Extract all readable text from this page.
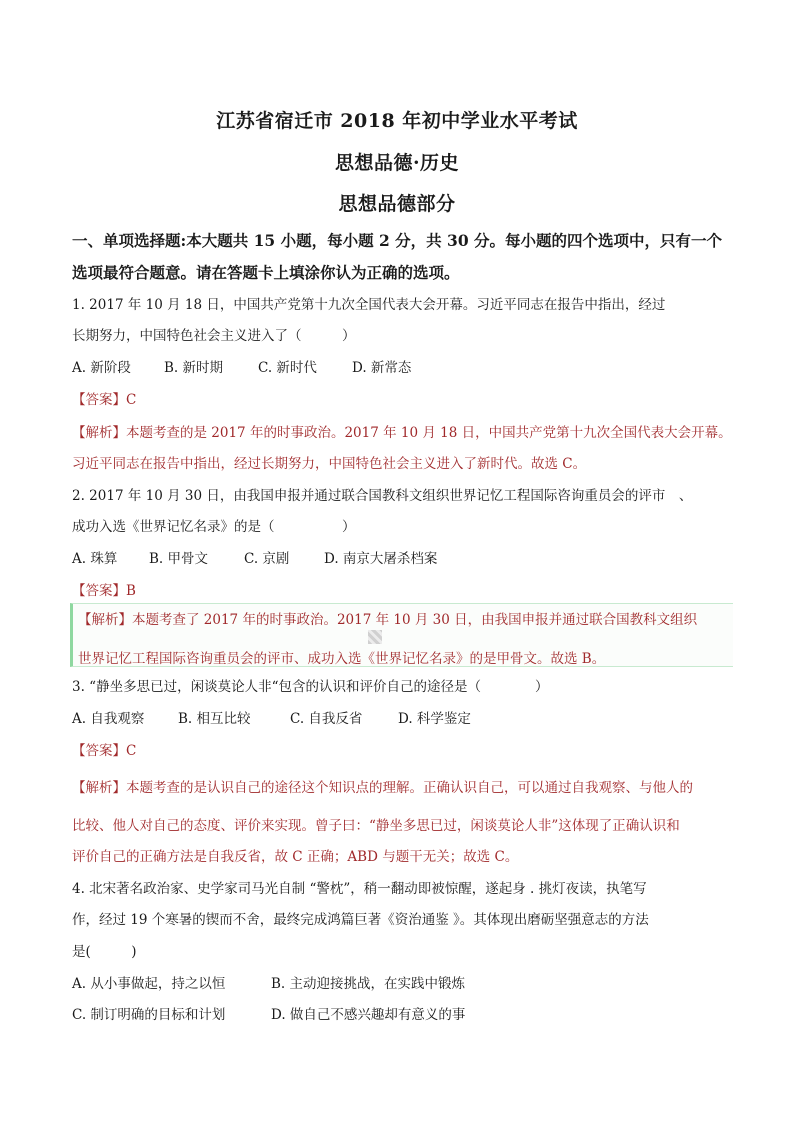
江苏省宿迁市 2018 年初中学业水平考试
思想品德·历史
思想品德部分
一、单项选择题:本大题共 15 小题，每小题 2 分，共 30 分。每小题的四个选项中，只有一个
选项最符合题意。请在答题卡上填涂你认为正确的选项。
1. 2017 年 10 月 18 日，中国共产党第十九次全国代表大会开幕。习近平同志在报告中指出，经过
长期努力，中国特色社会主义进入了（　　　）
A. 新阶段 B. 新时期	C. 新时代	D. 新常态
【答案】C
【解析】本题考查的是 2017 年的时事政治。2017 年 10 月 18 日，中国共产党第十九次全国代表大会开幕。
习近平同志在报告中指出，经过长期努力，中国特色社会主义进入了新时代。故选 C。
2. 2017 年 10 月 30 日，由我国申报并通过联合国教科文组织世界记忆工程国际咨询重员会的评市　、
成功入选《世界记忆名录》的是（　　　　　）
A. 珠算 B. 甲骨文	C. 京剧	D. 南京大屠杀档案
【答案】B
【解析】本题考查了 2017 年的时事政治。2017 年 10 月 30 日，由我国申报并通过联合国教科文组织
世界记忆工程国际咨询重员会的评市、成功入选《世界记忆名录》的是甲骨文。故选 B。
3. “静坐多思已过，闲谈莫论人非“包含的认识和评价自己的途径是（　　　　）
A. 自我观察 B. 相互比较	C. 自我反省	D. 科学鉴定
【答案】C
【解析】本题考查的是认识自己的途径这个知识点的理解。正确认识自己，可以通过自我观察、与他人的
比较、他人对自己的态度、评价来实现。曾子曰：“静坐多思已过，闲谈莫论人非”这体现了正确认识和
评价自己的正确方法是自我反省，故 C 正确；ABD 与题干无关；故选 C。
4. 北宋著名政治家、史学家司马光自制 “警枕”，稍一翻动即被惊醒，遂起身 . 挑灯夜读，执笔写
作，经过 19 个寒暑的锲而不舍，最终完成鸿篇巨著《资治通鉴 》。其体现出磨砺坚强意志的方法
是(　　　)
A. 从小事做起，持之以恒	B. 主动迎接挑战，在实践中锻炼
C. 制订明确的目标和计划	D. 做自己不感兴趣却有意义的事
